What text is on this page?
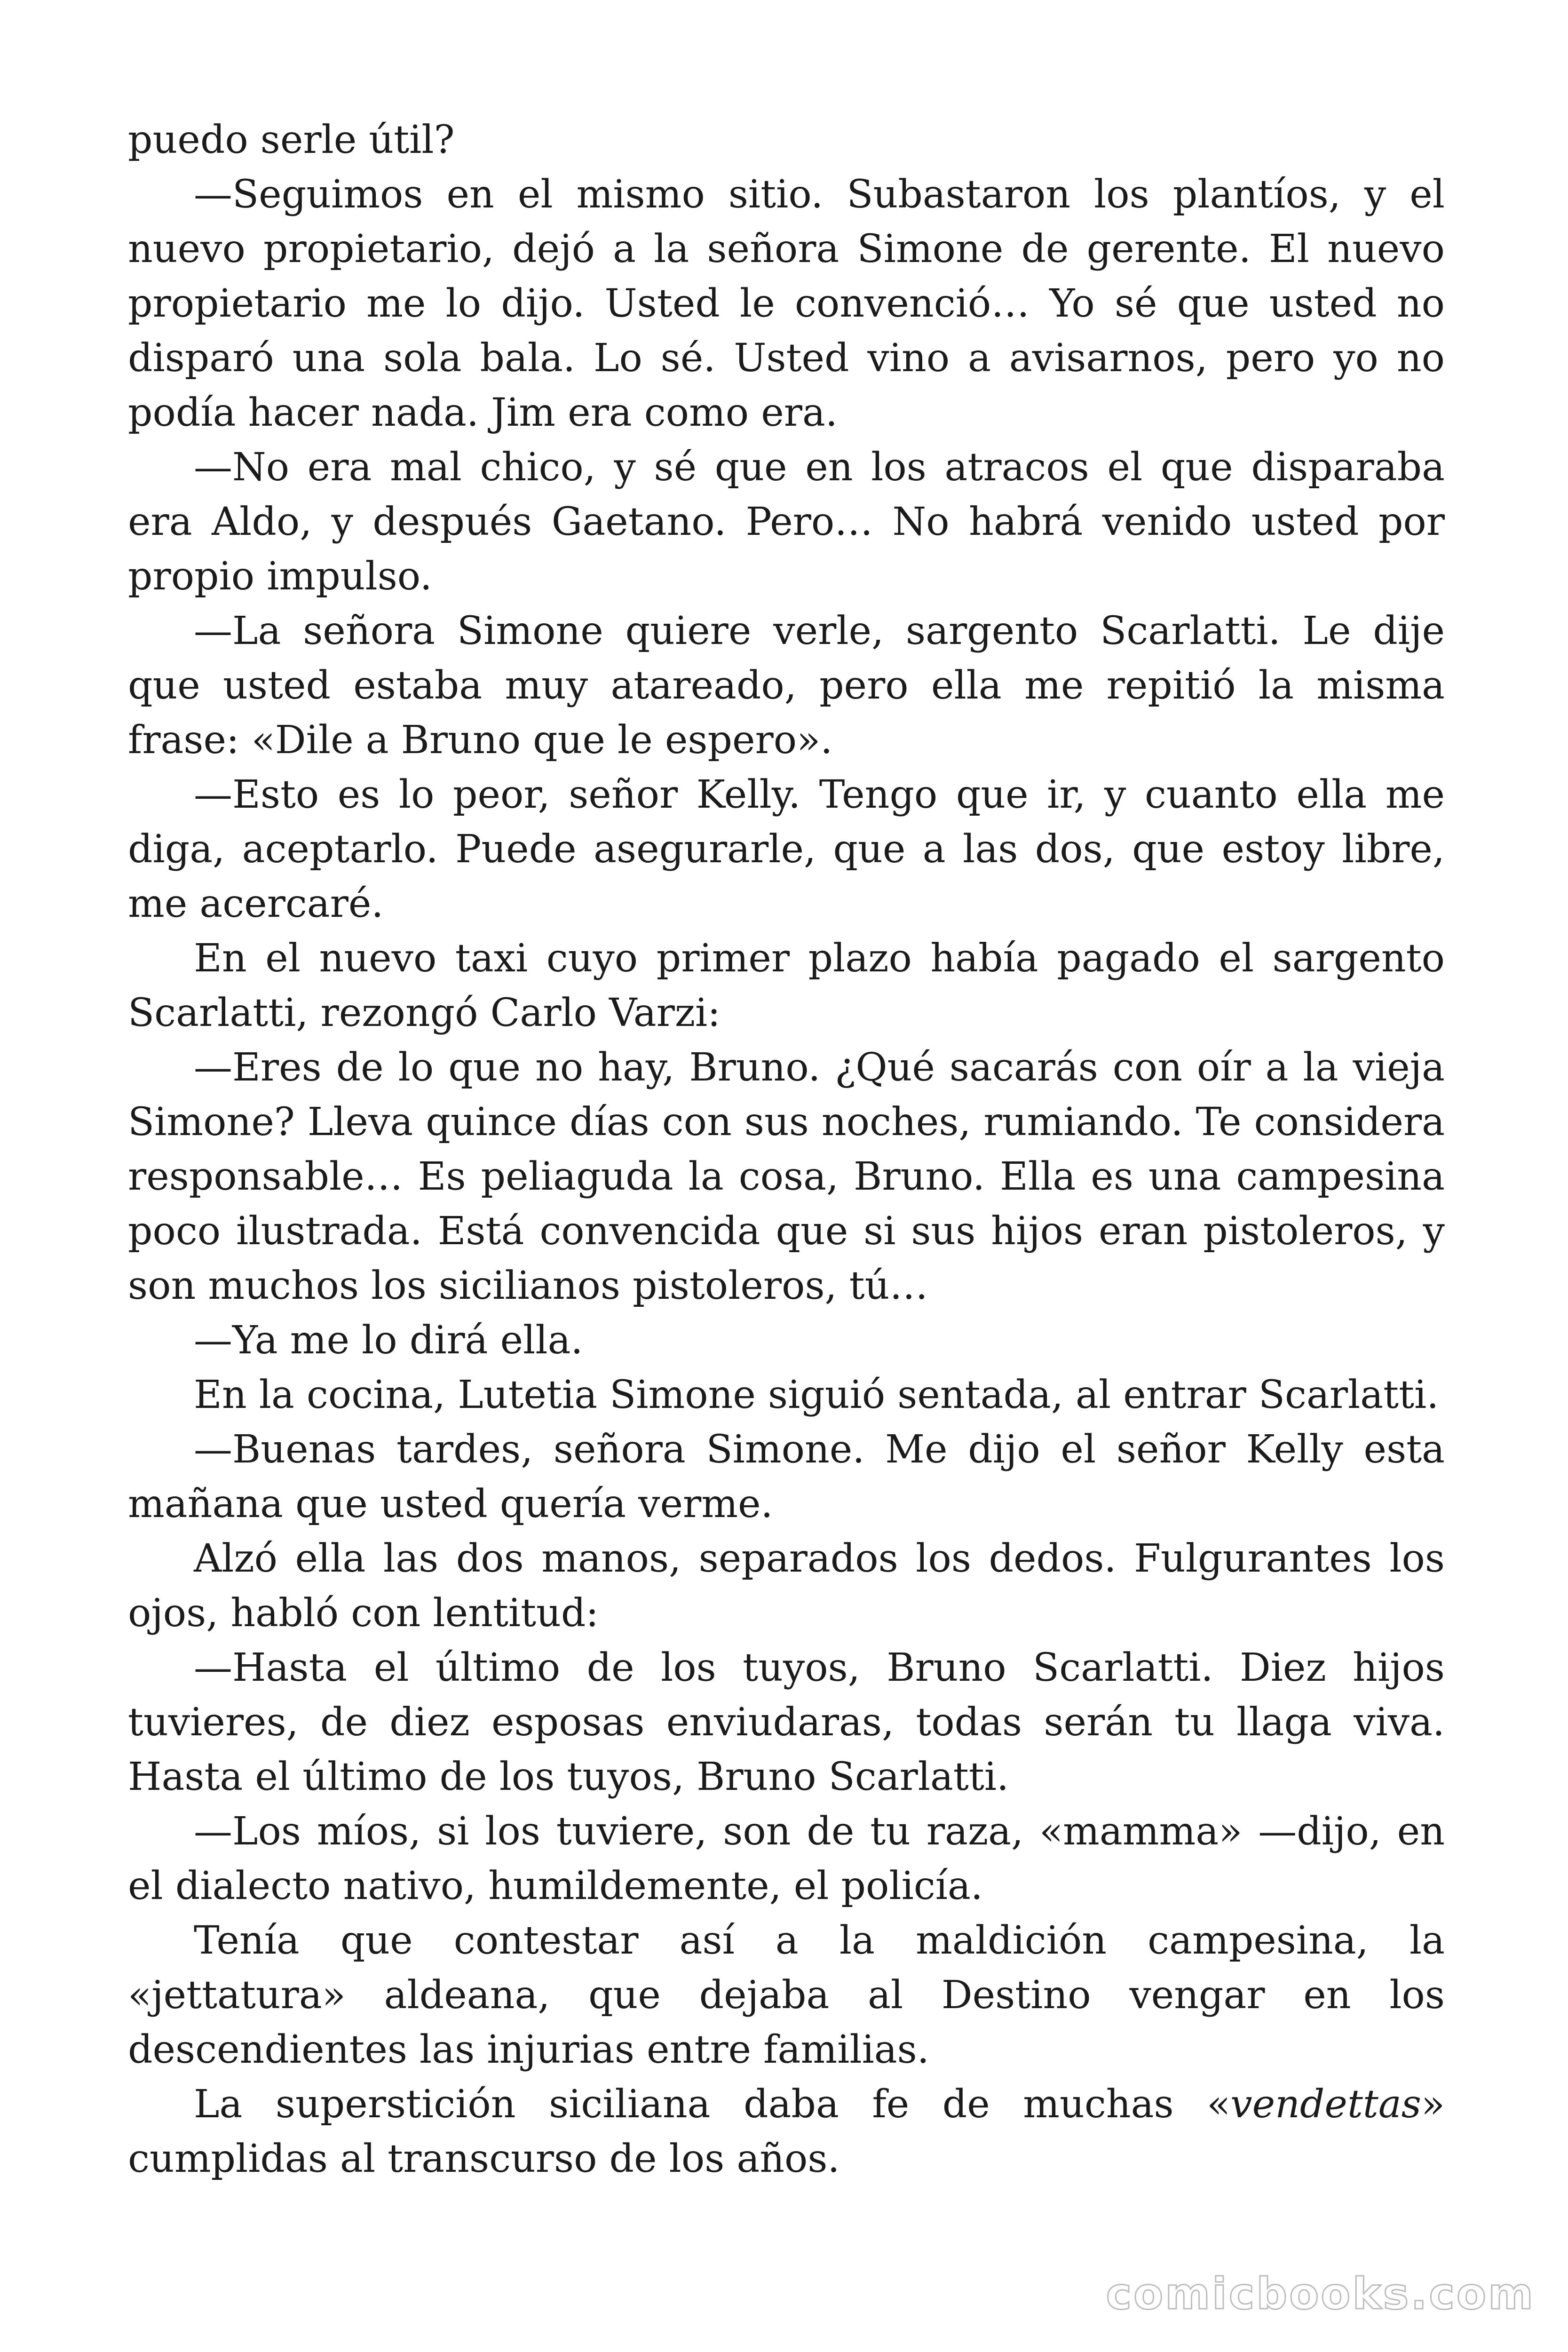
puedo serle útil?

—Seguimos en el mismo sitio. Subastaron los plantíos, y el nuevo propietario, dejó a la señora Simone de gerente. El nuevo propietario me lo dijo. Usted le convenció… Yo sé que usted no disparó una sola bala. Lo sé. Usted vino a avisarnos, pero yo no podía hacer nada. Jim era como era.

—No era mal chico, y sé que en los atracos el que disparaba era Aldo, y después Gaetano. Pero… No habrá venido usted por propio impulso.

—La señora Simone quiere verle, sargento Scarlatti. Le dije que usted estaba muy atareado, pero ella me repitió la misma frase: «Dile a Bruno que le espero».

—Esto es lo peor, señor Kelly. Tengo que ir, y cuanto ella me diga, aceptarlo. Puede asegurarle, que a las dos, que estoy libre, me acercaré.

En el nuevo taxi cuyo primer plazo había pagado el sargento Scarlatti, rezongó Carlo Varzi:

—Eres de lo que no hay, Bruno. ¿Qué sacarás con oír a la vieja Simone? Lleva quince días con sus noches, rumiando. Te considera responsable… Es peliaguda la cosa, Bruno. Ella es una campesina poco ilustrada. Está convencida que si sus hijos eran pistoleros, y son muchos los sicilianos pistoleros, tú…

—Ya me lo dirá ella.

En la cocina, Lutetia Simone siguió sentada, al entrar Scarlatti.

—Buenas tardes, señora Simone. Me dijo el señor Kelly esta mañana que usted quería verme.

Alzó ella las dos manos, separados los dedos. Fulgurantes los ojos, habló con lentitud:

—Hasta el último de los tuyos, Bruno Scarlatti. Diez hijos tuvieres, de diez esposas enviudaras, todas serán tu llaga viva. Hasta el último de los tuyos, Bruno Scarlatti.

—Los míos, si los tuviere, son de tu raza, «mamma» —dijo, en el dialecto nativo, humildemente, el policía.

Tenía que contestar así a la maldición campesina, la «jettatura» aldeana, que dejaba al Destino vengar en los descendientes las injurias entre familias.

La superstición siciliana daba fe de muchas «vendettas» cumplidas al transcurso de los años.

comicbooks.com
